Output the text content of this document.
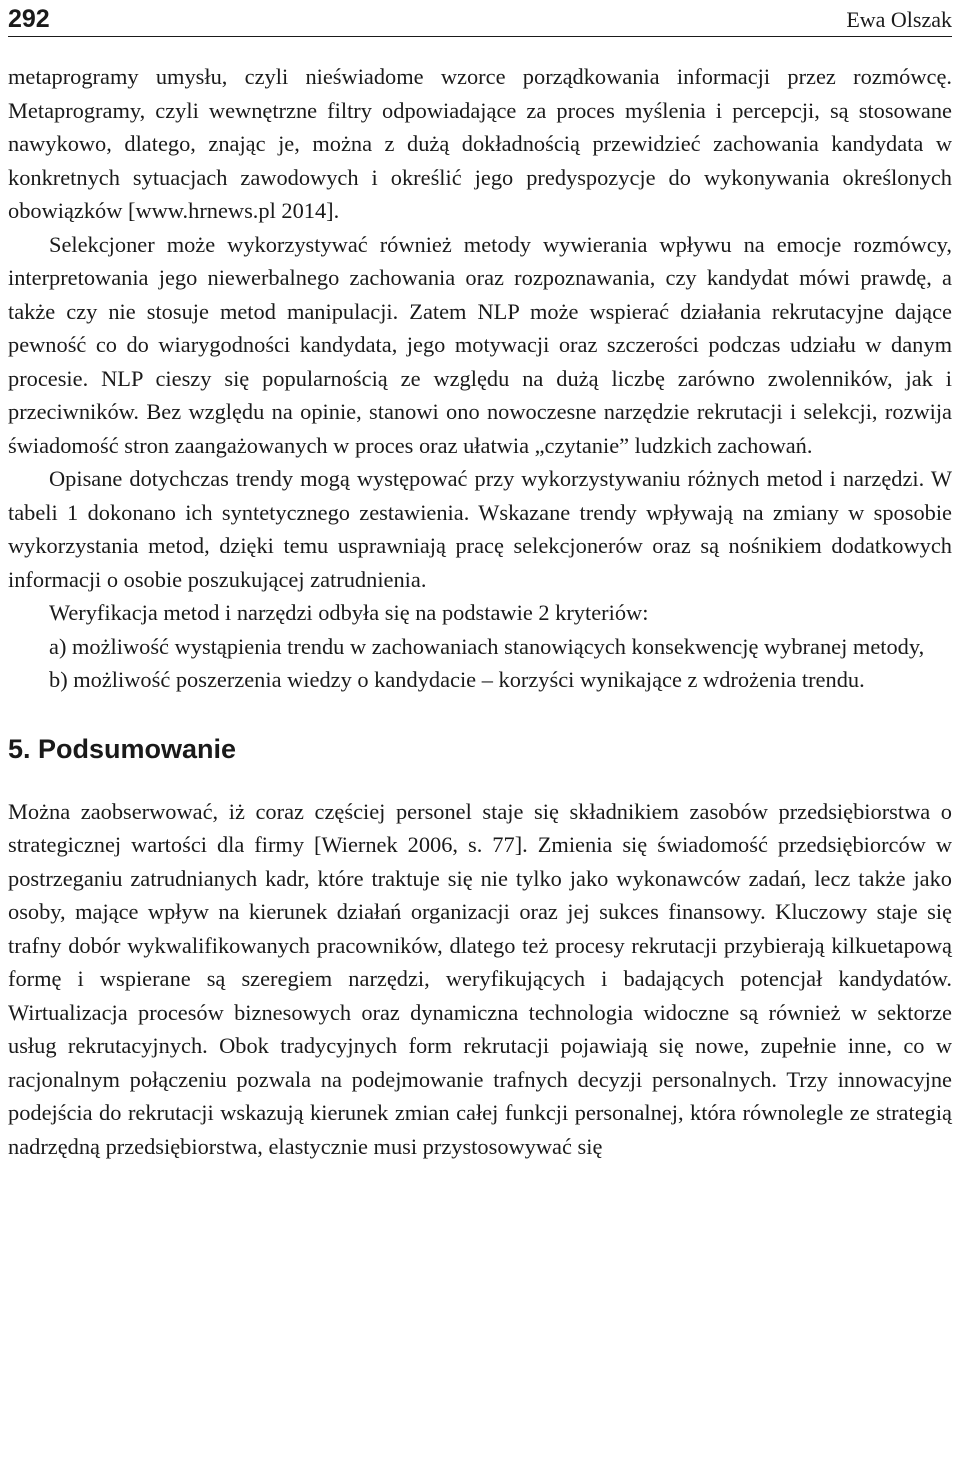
292	Ewa Olszak

metaprogramy umysłu, czyli nieświadome wzorce porządkowania informacji przez rozmówcę. Metaprogramy, czyli wewnętrzne filtry odpowiadające za proces myślenia i percepcji, są stosowane nawykowo, dlatego, znając je, można z dużą dokładnością przewidzieć zachowania kandydata w konkretnych sytuacjach zawodowych i określić jego predyspozycje do wykonywania określonych obowiązków [www.​hrnews.pl 2014].

Selekcjoner może wykorzystywać również metody wywierania wpływu na emocje rozmówcy, interpretowania jego niewerbalnego zachowania oraz rozpoznawania, czy kandydat mówi prawdę, a także czy nie stosuje metod manipulacji. Zatem NLP może wspierać działania rekrutacyjne dające pewność co do wiarygodności kandydata, jego motywacji oraz szczerości podczas udziału w danym procesie. NLP cieszy się popularnością ze względu na dużą liczbę zarówno zwolenników, jak i przeciwników. Bez względu na opinie, stanowi ono nowoczesne narzędzie rekrutacji i selekcji, rozwija świadomość stron zaangażowanych w proces oraz ułatwia „czytanie” ludzkich zachowań.

Opisane dotychczas trendy mogą występować przy wykorzystywaniu różnych metod i narzędzi. W tabeli 1 dokonano ich syntetycznego zestawienia. Wskazane trendy wpływają na zmiany w sposobie wykorzystania metod, dzięki temu usprawniają pracę selekcjonerów oraz są nośnikiem dodatkowych informacji o osobie poszukującej zatrudnienia.

Weryfikacja metod i narzędzi odbyła się na podstawie 2 kryteriów:

a) możliwość wystąpienia trendu w zachowaniach stanowiących konsekwencję wybranej metody,

b) możliwość poszerzenia wiedzy o kandydacie – korzyści wynikające z wdrożenia trendu.

5. Podsumowanie

Można zaobserwować, iż coraz częściej personel staje się składnikiem zasobów przedsiębiorstwa o strategicznej wartości dla firmy [Wiernek 2006, s. 77]. Zmienia się świadomość przedsiębiorców w postrzeganiu zatrudnianych kadr, które traktuje się nie tylko jako wykonawców zadań, lecz także jako osoby, mające wpływ na kierunek działań organizacji oraz jej sukces finansowy. Kluczowy staje się trafny dobór wykwalifikowanych pracowników, dlatego też procesy rekrutacji przybierają kilkuetapową formę i wspierane są szeregiem narzędzi, weryfikujących i badających potencjał kandydatów. Wirtualizacja procesów biznesowych oraz dynamiczna technologia widoczne są również w sektorze usług rekrutacyjnych. Obok tradycyjnych form rekrutacji pojawiają się nowe, zupełnie inne, co w racjonalnym połączeniu pozwala na podejmowanie trafnych decyzji personalnych. Trzy innowacyjne podejścia do rekrutacji wskazują kierunek zmian całej funkcji personalnej, która równolegle ze strategią nadrzędną przedsiębiorstwa, elastycznie musi przystosowywać się
